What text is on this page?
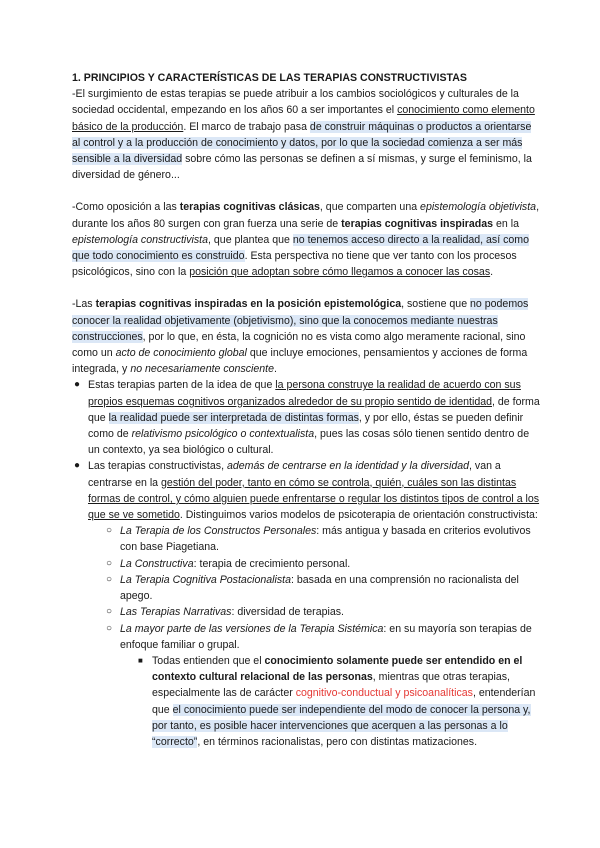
1. PRINCIPIOS Y CARACTERÍSTICAS DE LAS TERAPIAS CONSTRUCTIVISTAS

-El surgimiento de estas terapias se puede atribuir a los cambios sociológicos y culturales de la sociedad occidental, empezando en los años 60 a ser importantes el conocimiento como elemento básico de la producción. El marco de trabajo pasa de construir máquinas o productos a orientarse al control y a la producción de conocimiento y datos, por lo que la sociedad comienza a ser más sensible a la diversidad sobre cómo las personas se definen a sí mismas, y surge el feminismo, la diversidad de género...

-Como oposición a las terapias cognitivas clásicas, que comparten una epistemología objetivista, durante los años 80 surgen con gran fuerza una serie de terapias cognitivas inspiradas en la epistemología constructivista, que plantea que no tenemos acceso directo a la realidad, así como que todo conocimiento es construido. Esta perspectiva no tiene que ver tanto con los procesos psicológicos, sino con la posición que adoptan sobre cómo llegamos a conocer las cosas.

-Las terapias cognitivas inspiradas en la posición epistemológica, sostiene que no podemos conocer la realidad objetivamente (objetivismo), sino que la conocemos mediante nuestras construcciones, por lo que, en ésta, la cognición no es vista como algo meramente racional, sino como un acto de conocimiento global que incluye emociones, pensamientos y acciones de forma integrada, y no necesariamente consciente.

● Estas terapias parten de la idea de que la persona construye la realidad de acuerdo con sus propios esquemas cognitivos organizados alrededor de su propio sentido de identidad, de forma que la realidad puede ser interpretada de distintas formas, y por ello, éstas se pueden definir como de relativismo psicológico o contextualista, pues las cosas sólo tienen sentido dentro de un contexto, ya sea biológico o cultural.
● Las terapias constructivistas, además de centrarse en la identidad y la diversidad, van a centrarse en la gestión del poder, tanto en cómo se controla, quién, cuáles son las distintas formas de control, y cómo alguien puede enfrentarse o regular los distintos tipos de control a los que se ve sometido. Distinguimos varios modelos de psicoterapia de orientación constructivista:
○ La Terapia de los Constructos Personales: más antigua y basada en criterios evolutivos con base Piagetiana.
○ La Constructiva: terapia de crecimiento personal.
○ La Terapia Cognitiva Postacionalista: basada en una comprensión no racionalista del apego.
○ Las Terapias Narrativas: diversidad de terapias.
○ La mayor parte de las versiones de la Terapia Sistémica: en su mayoría son terapias de enfoque familiar o grupal.
■ Todas entienden que el conocimiento solamente puede ser entendido en el contexto cultural relacional de las personas, mientras que otras terapias, especialmente las de carácter cognitivo-conductual y psicoanalíticas, entenderían que el conocimiento puede ser independiente del modo de conocer la persona y, por tanto, es posible hacer intervenciones que acerquen a las personas a lo “correcto”, en términos racionalistas, pero con distintas matizaciones.
